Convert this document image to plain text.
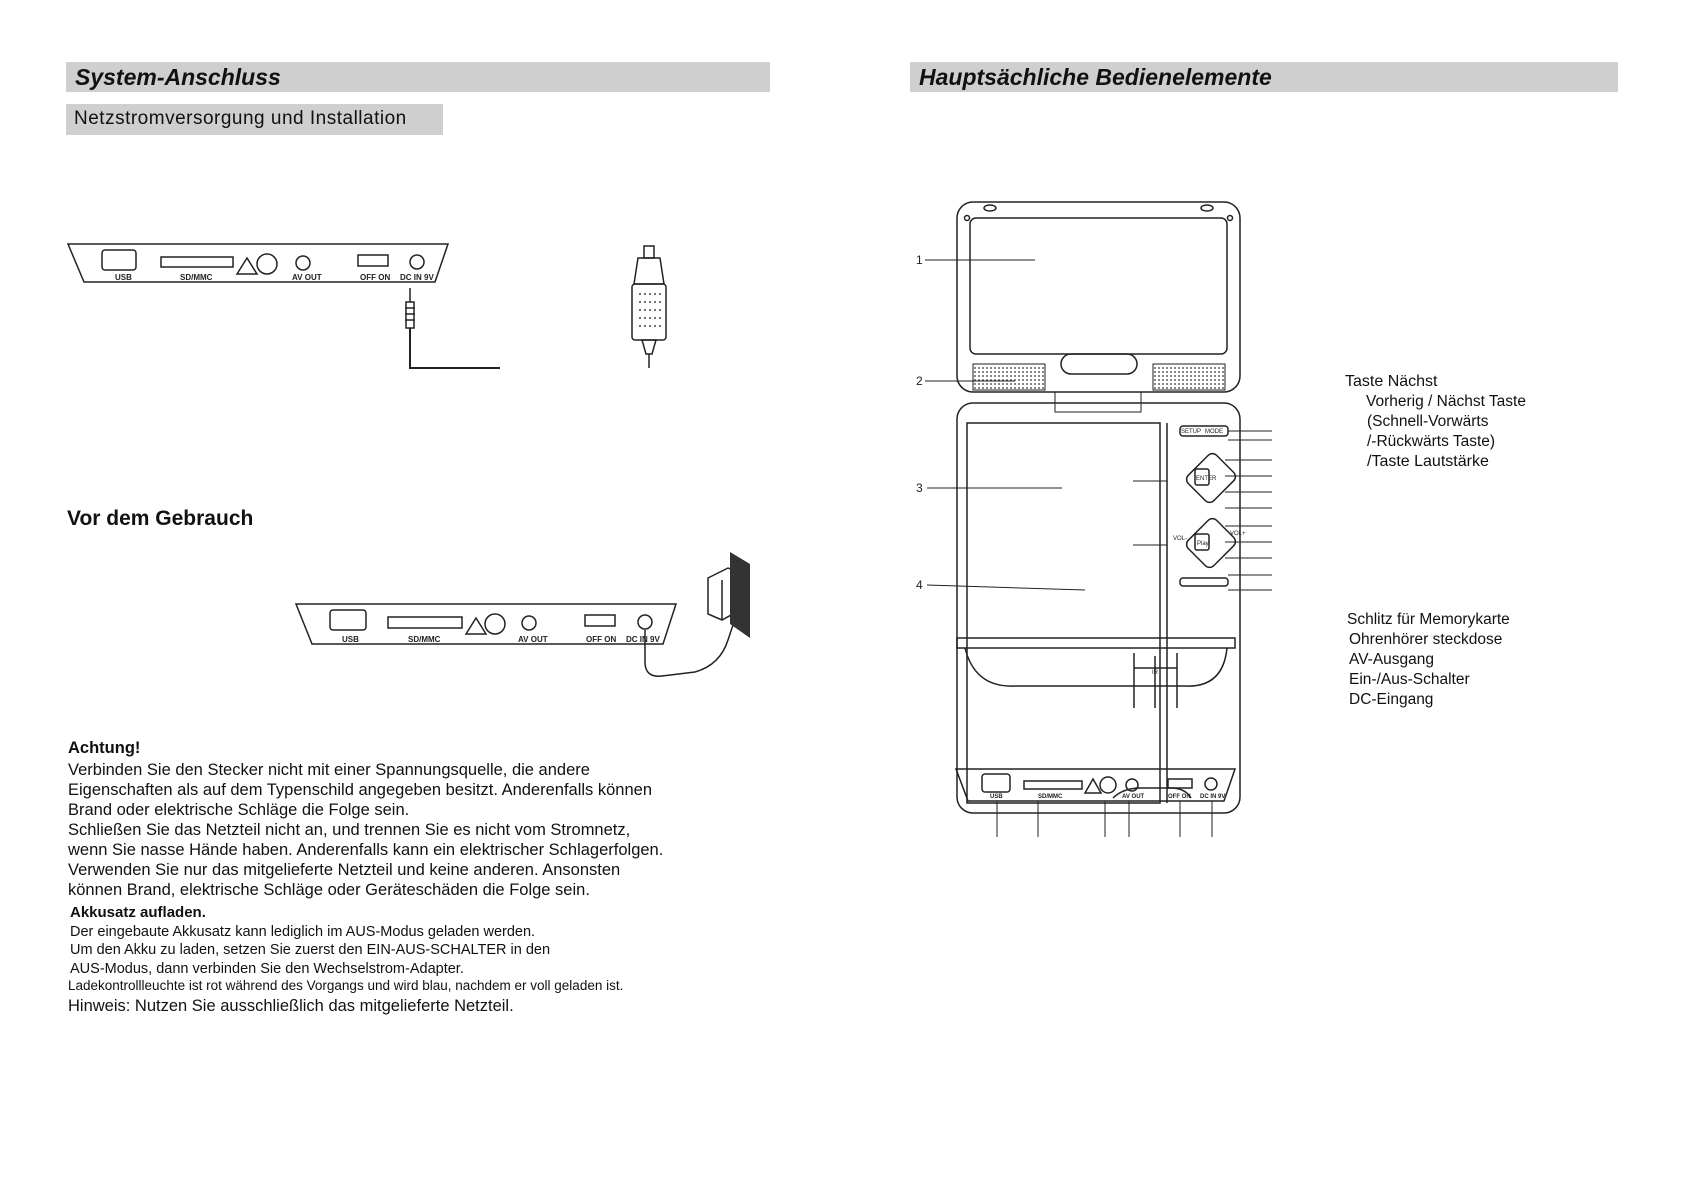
System-Anschluss
Netzstromversorgung und Installation
USB	SD/MMC	AV OUT	OFF ON DC IN 9V
Vor dem Gebrauch
USB	SD/MMC	AV OUT	OFF ON DC IN 9V

Achtung!

Verbinden Sie den Stecker nicht mit einer Spannungsquelle, die andere

Eigenschaften als auf dem Typenschild angegeben besitzt. Anderenfalls können

Brand oder elektrische Schläge die Folge sein.

Schließen Sie das Netzteil nicht an, und trennen Sie es nicht vom Stromnetz,

wenn Sie nasse Hände haben. Anderenfalls kann ein elektrischer Schlagerfolgen.

Verwenden Sie nur das mitgelieferte Netzteil und keine anderen. Ansonsten

können Brand, elektrische Schläge oder Geräteschäden die Folge sein.

Akkusatz aufladen.

Der eingebaute Akkusatz kann lediglich im AUS-Modus geladen werden.

Um den Akku zu laden, setzen Sie zuerst den EIN-AUS-SCHALTER in den

AUS-Modus, dann verbinden Sie den Wechselstrom-Adapter.

Ladekontrollleuchte ist rot während des Vorgangs und wird blau, nachdem er voll geladen ist.
Hinweis: Nutzen Sie ausschließlich das mitgelieferte Netzteil.
Hauptsächliche Bedienelemente
SETUP MODE
ENTER
Play
VOL-
VOL+
1
2
3
4
IR
USB	SD/MMC	AV OUT	OFF ON DC IN 9V

Taste Nächst

Vorherig / Nächst Taste

(Schnell-Vorwärts

/-Rückwärts Taste)

/Taste Lautstärke

Schlitz für Memorykarte

Ohrenhörer steckdose

AV-Ausgang

Ein-/Aus-Schalter

DC-Eingang
